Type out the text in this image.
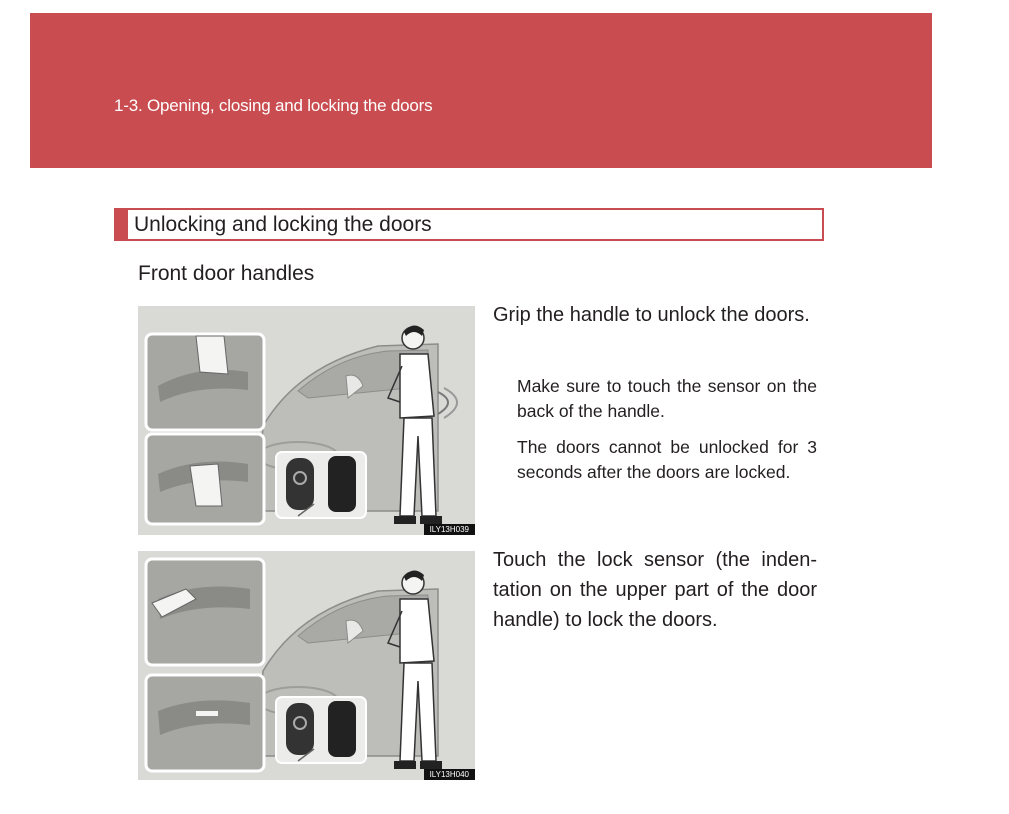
1-3. Opening, closing and locking the doors
Unlocking and locking the doors
Front door handles
ILY13H039
Grip the handle to unlock the doors.
Make sure to touch the sensor on the back of the handle.
The doors cannot be unlocked for 3 seconds after the doors are locked.
ILY13H040
Touch the lock sensor (the inden-tation on the upper part of the door handle) to lock the doors.
